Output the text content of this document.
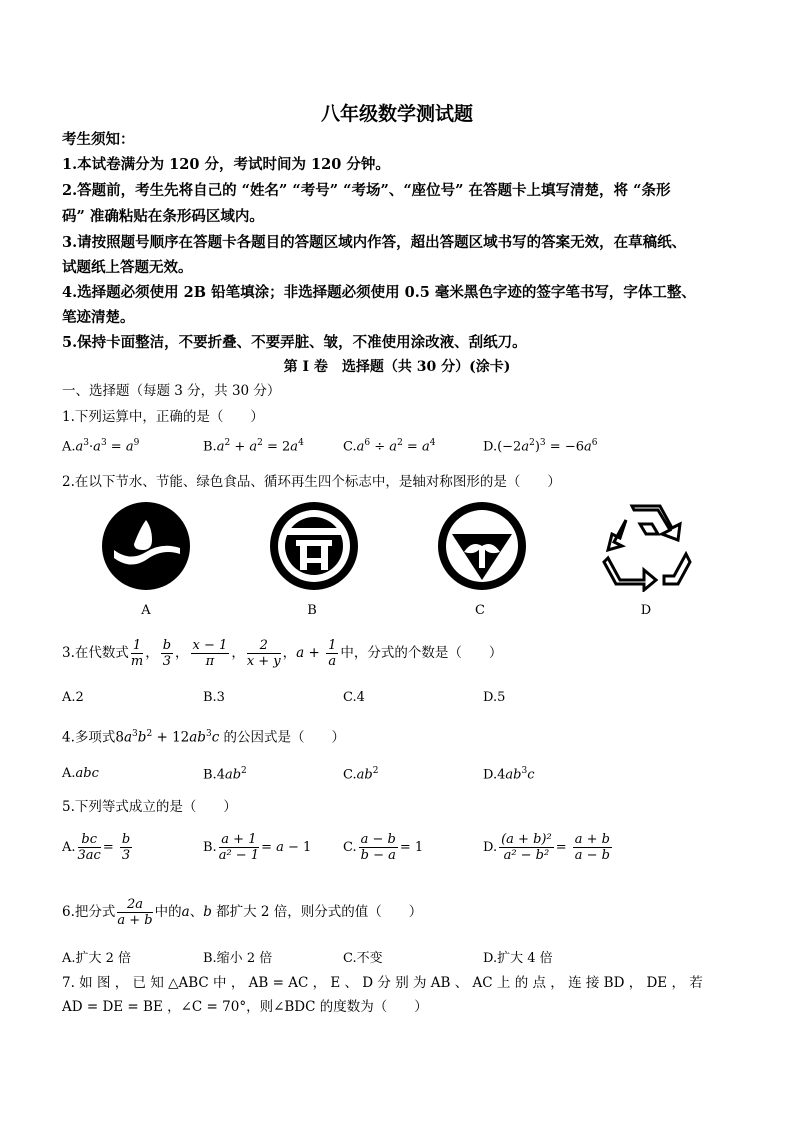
八年级数学测试题
考生须知：
1.本试卷满分为 120 分，考试时间为 120 分钟。
2.答题前，考生先将自己的 “姓名” “考号” “考场”、“座位号” 在答题卡上填写清楚，将 “条形
码” 准确粘贴在条形码区域内。
3.请按照题号顺序在答题卡各题目的答题区域内作答，超出答题区域书写的答案无效，在草稿纸、
试题纸上答题无效。
4.选择题必须使用 2B 铅笔填涂；非选择题必须使用 0.5 毫米黑色字迹的签字笔书写，字体工整、
笔迹清楚。
5.保持卡面整洁，不要折叠、不要弄脏、皱，不准使用涂改液、刮纸刀。
第 I 卷　选择题（共 30 分）(涂卡)
一、选择题（每题 3 分，共 30 分）
1.下列运算中，正确的是（　　）
$A.a^3\cdot a^3 = a^9$	$B.a^2 + a^2 = 2a^4$	$C.a^6 \div a^2 = a^4$	$D.(-2a^2)^3 = -6a^6$
2.在以下节水、节能、绿色食品、循环再生四个标志中，是轴对称图形的是（　　）
A	B	C	D
3.在代数式 $\frac{1}{m}$ ， $\frac{b}{3}$ ， $\frac{x - 1}{\pi}$ ， $\frac{2}{x + y}$ ，$a + \frac{1}{a}$ 中，分式的个数是（　　）
A.2	B.3	C.4	D.5
4.多项式$8a^3b^2 + 12ab^3c$ 的公因式是（　　）
A.abc	$B.4ab^2$	$C.ab^2$	$D.4ab^3c$
5.下列等式成立的是（　　）
A. $\frac{bc}{3ac} = \frac{b}{3}$	B. $\frac{a + 1}{\text{a² − 1}} = a - 1$ C. $\frac{a - b}{b - a} = 1$	D. $\frac{\text{(a + b)²}}{\text{a² − b²}} = \frac{a + b}{a - b}$
6.把分式 $\frac{2a}{a + b}$ 中的a、b 都扩大 2 倍，则分式的值（　　）
A.扩大 2 倍	B.缩小 2 倍	C.不变	D.扩大 4 倍
7. 如 图 ， 已 知 △ABC 中 ， AB = AC ， E 、 D 分 别 为 AB 、 AC 上 的 点 ， 连 接 BD ， DE ， 若
AD = DE = BE ，∠C = 70°，则∠BDC 的度数为（　　）
